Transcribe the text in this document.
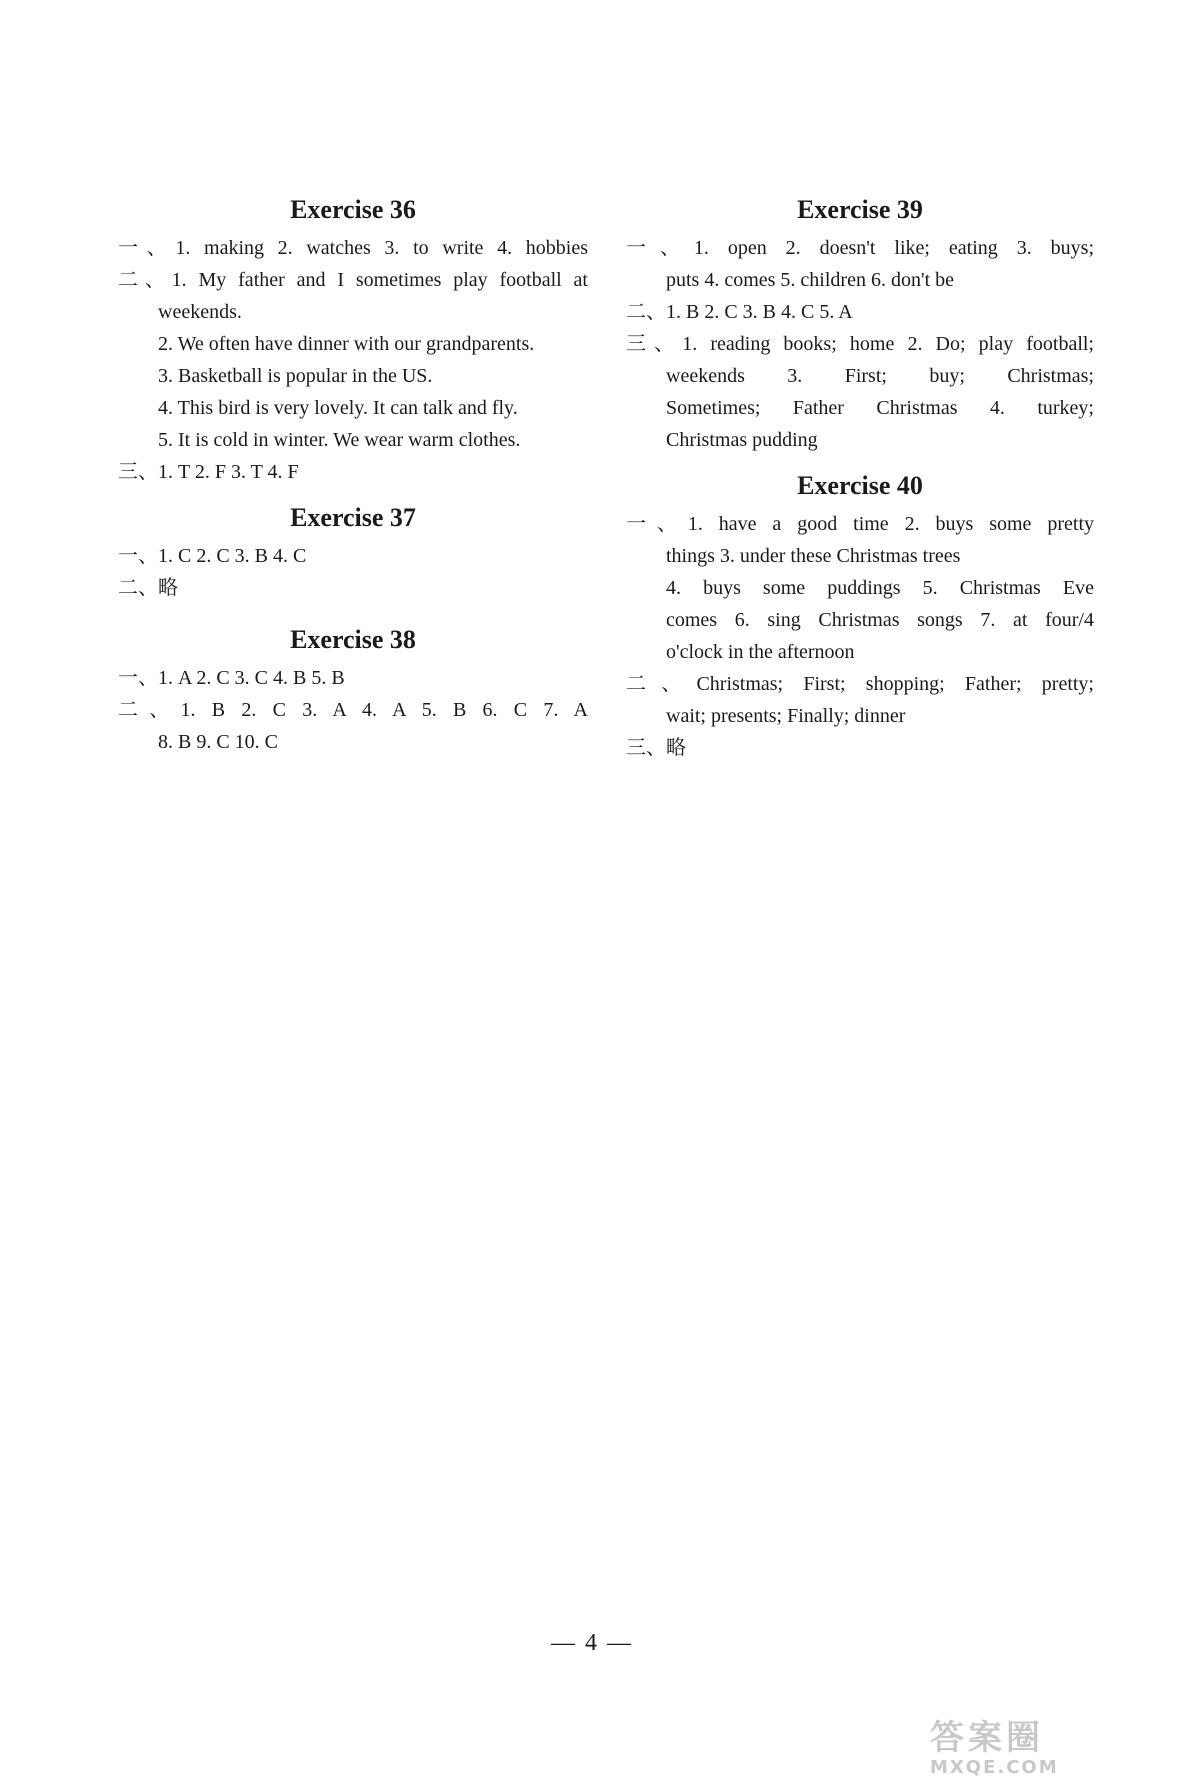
Exercise 36
一、1. making 2. watches 3. to write 4. hobbies
二、1. My father and I sometimes play football at
weekends.
2. We often have dinner with our grandparents.
3. Basketball is popular in the US.
4. This bird is very lovely. It can talk and fly.
5. It is cold in winter. We wear warm clothes.
三、1. T 2. F 3. T 4. F
Exercise 37
一、1. C 2. C 3. B 4. C
二、略
Exercise 38
一、1. A 2. C 3. C 4. B 5. B
二、1. B 2. C 3. A 4. A 5. B 6. C 7. A
8. B 9. C 10. C
Exercise 39
一、1. open 2. doesn't like; eating 3. buys;
puts 4. comes 5. children 6. don't be
二、1. B 2. C 3. B 4. C 5. A
三、1. reading books; home 2. Do; play football;
weekends 3. First; buy; Christmas;
Sometimes; Father Christmas 4. turkey;
Christmas pudding
Exercise 40
一、1. have a good time 2. buys some pretty
things 3. under these Christmas trees
4. buys some puddings 5. Christmas Eve
comes 6. sing Christmas songs 7. at four/4
o'clock in the afternoon
二、Christmas; First; shopping; Father; pretty;
wait; presents; Finally; dinner
三、略
— 4 —
答案圈
MXQE.COM
